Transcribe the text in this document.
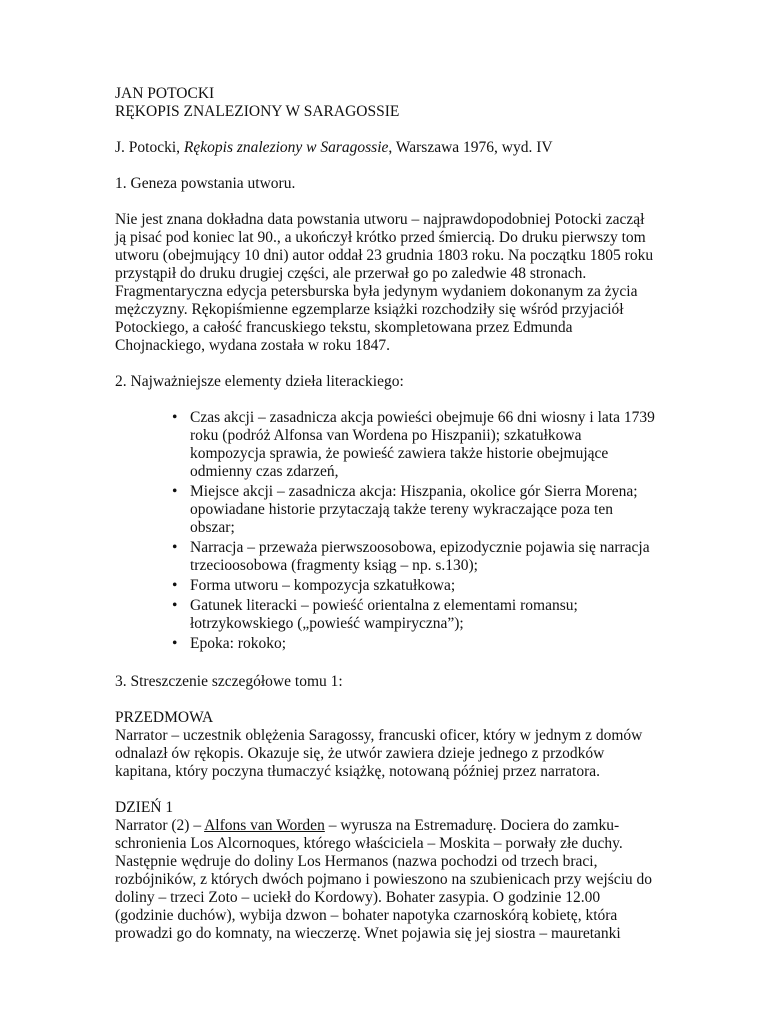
JAN POTOCKI

RĘKOPIS ZNALEZIONY W SARAGOSSIE

J. Potocki, Rękopis znaleziony w Saragossie, Warszawa 1976, wyd. IV

1. Geneza powstania utworu.

Nie jest znana dokładna data powstania utworu – najprawdopodobniej Potocki zaczął ją pisać pod koniec lat 90., a ukończył krótko przed śmiercią. Do druku pierwszy tom utworu (obejmujący 10 dni) autor oddał 23 grudnia 1803 roku. Na początku 1805 roku przystąpił do druku drugiej części, ale przerwał go po zaledwie 48 stronach. Fragmentaryczna edycja petersburska była jedynym wydaniem dokonanym za życia mężczyzny. Rękopiśmienne egzemplarze książki rozchodziły się wśród przyjaciół Potockiego, a całość francuskiego tekstu, skompletowana przez Edmunda Chojnackiego, wydana została w roku 1847.

2. Najważniejsze elementy dzieła literackiego:

• Czas akcji – zasadnicza akcja powieści obejmuje 66 dni wiosny i lata 1739 roku (podróż Alfonsa van Wordena po Hiszpanii); szkatułkowa kompozycja sprawia, że powieść zawiera także historie obejmujące odmienny czas zdarzeń,
• Miejsce akcji – zasadnicza akcja: Hiszpania, okolice gór Sierra Morena; opowiadane historie przytaczają także tereny wykraczające poza ten obszar;
• Narracja – przeważa pierwszoosobowa, epizodycznie pojawia się narracja trzecioosobowa (fragmenty ksiąg – np. s.130);
• Forma utworu – kompozycja szkatułkowa;
• Gatunek literacki – powieść orientalna z elementami romansu; łotrzykowskiego („powieść wampiryczna”);
• Epoka: rokoko;

3. Streszczenie szczegółowe tomu 1:

PRZEDMOWA

Narrator – uczestnik oblężenia Saragossy, francuski oficer, który w jednym z domów odnalazł ów rękopis. Okazuje się, że utwór zawiera dzieje jednego z przodków kapitana, który poczyna tłumaczyć książkę, notowaną później przez narratora.

DZIEŃ 1

Narrator (2) – Alfons van Worden – wyrusza na Estremadurę. Dociera do zamku-schronienia Los Alcornoques, którego właściciela – Moskita – porwały złe duchy. Następnie wędruje do doliny Los Hermanos (nazwa pochodzi od trzech braci, rozbójników, z których dwóch pojmano i powieszono na szubienicach przy wejściu do doliny – trzeci Zoto – uciekł do Kordowy). Bohater zasypia. O godzinie 12.00 (godzinie duchów), wybija dzwon – bohater napotyka czarnoskórą kobietę, która prowadzi go do komnaty, na wieczerzę. Wnet pojawia się jej siostra – mauretanki
